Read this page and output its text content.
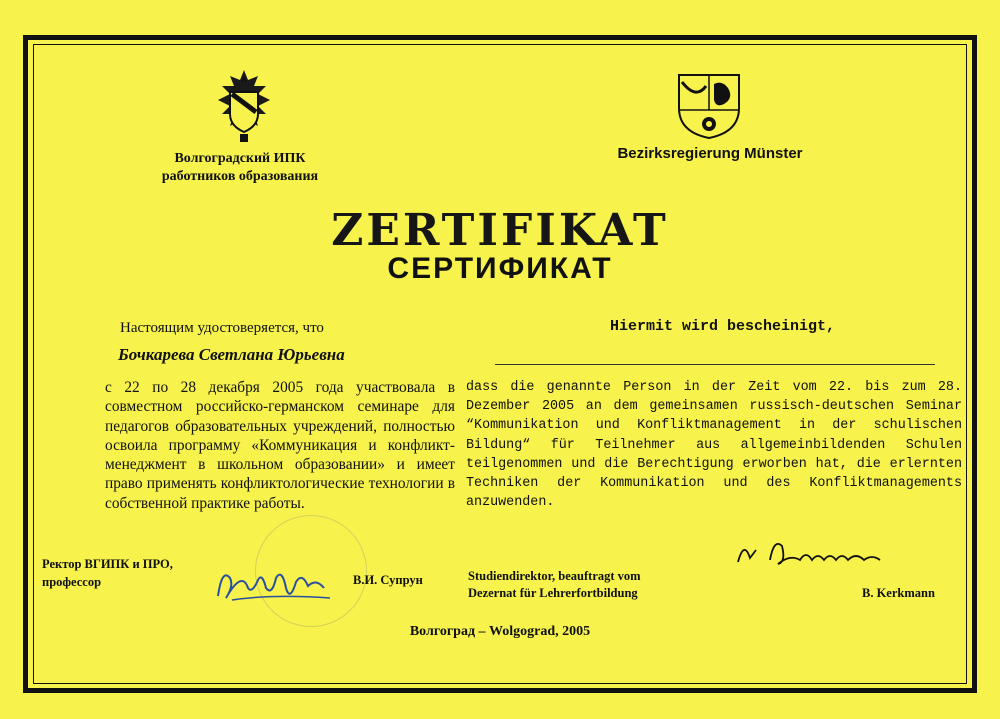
Волгоградский ИПК
работников образования
Bezirksregierung Münster
ZERTIFIKAT
СЕРТИФИКАТ
Настоящим удостоверяется, что	Hiermit wird bescheinigt,
Бочкарева Светлана Юрьевна
с 22 по 28 декабря 2005 года участвовала в совместном российско-германском семинаре для педагогов образовательных учреждений, полностью освоила программу «Коммуникация и конфликт-менеджмент в школьном образовании» и имеет право применять конфликтологические технологии в собственной практике работы.
dass die genannte Person in der Zeit vom 22. bis zum 28. Dezember 2005 an dem gemeinsamen russisch-deutschen Seminar “Kommunikation und Konfliktmanagement in der schulischen Bildung“ für Teilnehmer aus allgemeinbildenden Schulen teilgenommen und die Berechtigung erworben hat, die erlernten Techniken der Kommunikation und des Konfliktmanagements anzuwenden.
Ректор ВГИПК и ПРО,
профессор	В.И. Супрун	Studiendirektor, beauftragt vom
Dezernat für Lehrerfortbildung	B. Kerkmann
Волгоград – Wolgograd, 2005
